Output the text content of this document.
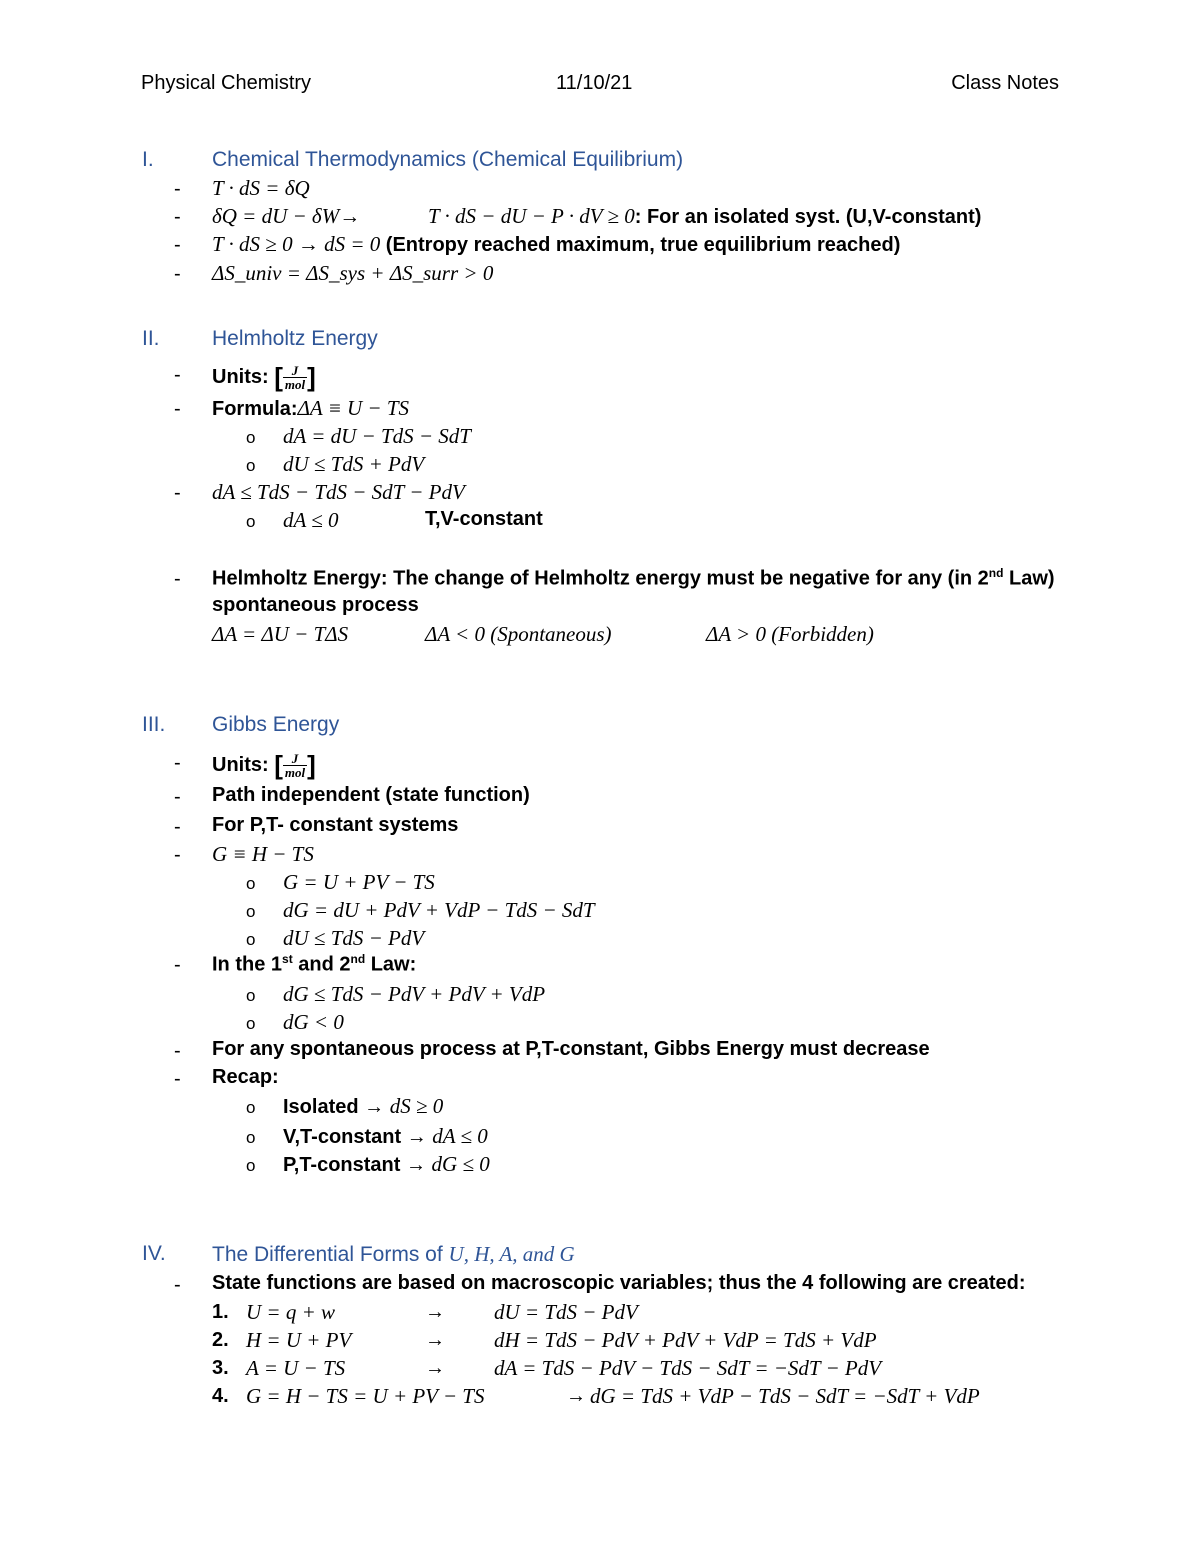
Physical Chemistry	11/10/21	Class Notes
I.	Chemical Thermodynamics (Chemical Equilibrium)
- T · dS = δQ
- δQ = dU − δW→	T · dS − dU − P · dV ≥ 0: For an isolated syst. (U,V-constant)
- T · dS ≥ 0 → dS = 0 (Entropy reached maximum, true equilibrium reached)
- ΔS_univ = ΔS_sys + ΔS_surr > 0
II. Helmholtz Energy
- Units: [ $\frac{J}{\text{mol}}$ ]
- Formula:ΔA ≡ U − TS
o dA = dU − TdS − SdT
o dU ≤ TdS + PdV
- dA ≤ TdS − TdS − SdT − PdV
o dA ≤ 0	T,V-constant
- Helmholtz Energy: The change of Helmholtz energy must be negative for any (in 2nd Law)
spontaneous process
ΔA = ΔU − TΔS	ΔA < 0 (Spontaneous)	ΔA > 0 (Forbidden)
III. Gibbs Energy
- Units: [ $\frac{J}{\text{mol}}$ ]
- Path independent (state function)
- For P,T- constant systems
- G ≡ H − TS
o G = U + PV − TS
o dG = dU + PdV + VdP − TdS − SdT
o dU ≤ TdS − PdV
- In the 1st and 2nd Law:
o dG ≤ TdS − PdV + PdV + VdP
o dG < 0
- For any spontaneous process at P,T-constant, Gibbs Energy must decrease
- Recap:
o Isolated → dS ≥ 0
o V,T-constant → dA ≤ 0
o P,T-constant → dG ≤ 0
IV. The Differential Forms of U, H, A, and G
- State functions are based on macroscopic variables; thus the 4 following are created:
1. U = q + w	→ dU = TdS − PdV
2. H = U + PV	→ dH = TdS − PdV + PdV + VdP = TdS + VdP
3. A = U − TS	→ dA = TdS − PdV − TdS − SdT = −SdT − PdV
4. G = H − TS = U + PV − TS	→ dG = TdS + VdP − TdS − SdT = −SdT + VdP
